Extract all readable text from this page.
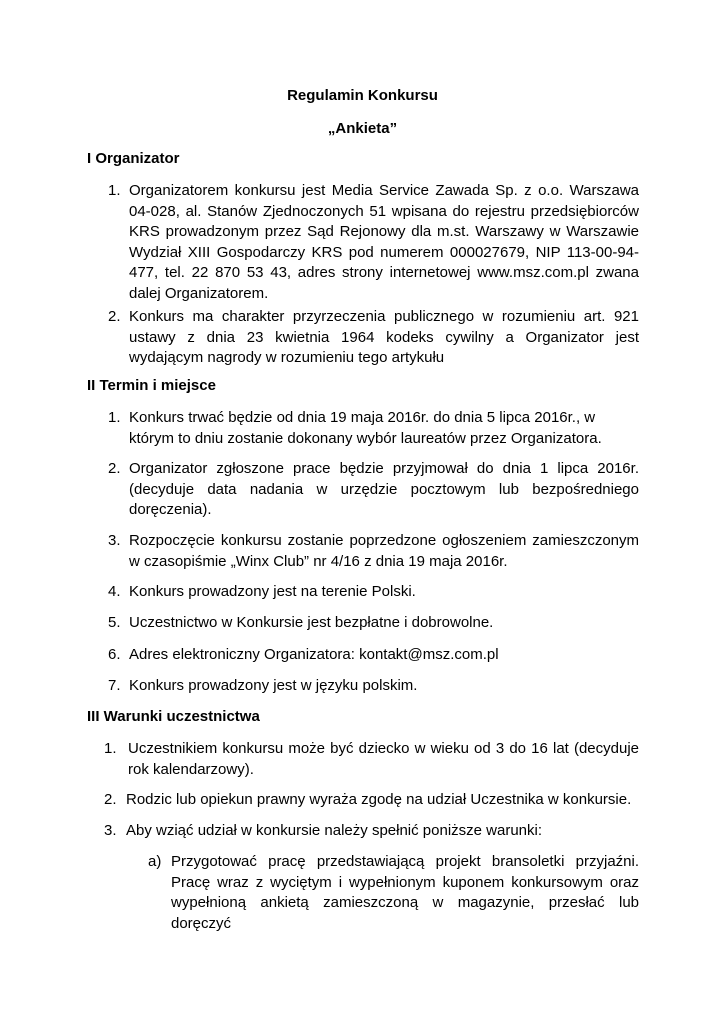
Regulamin Konkursu
„Ankieta”
I Organizator
1. Organizatorem konkursu jest Media Service Zawada Sp. z o.o. Warszawa 04-028, al. Stanów Zjednoczonych 51 wpisana do rejestru przedsiębiorców KRS prowadzonym przez Sąd Rejonowy dla m.st. Warszawy w Warszawie Wydział XIII Gospodarczy KRS pod numerem 000027679, NIP 113-00-94-477, tel. 22 870 53 43, adres strony internetowej www.msz.com.pl zwana dalej Organizatorem.
2. Konkurs ma charakter przyrzeczenia publicznego w rozumieniu art. 921 ustawy z dnia 23 kwietnia 1964 kodeks cywilny a Organizator jest wydającym nagrody w rozumieniu tego artykułu
II Termin i miejsce
1. Konkurs trwać będzie od dnia 19 maja 2016r. do dnia 5 lipca 2016r., w którym to dniu zostanie dokonany wybór laureatów przez Organizatora.
2. Organizator zgłoszone prace będzie przyjmował do dnia 1 lipca 2016r. (decyduje data nadania w urzędzie pocztowym lub bezpośredniego doręczenia).
3. Rozpoczęcie konkursu zostanie poprzedzone ogłoszeniem zamieszczonym w czasopiśmie „Winx Club” nr 4/16 z dnia 19 maja 2016r.
4. Konkurs prowadzony jest na terenie Polski.
5. Uczestnictwo w Konkursie jest bezpłatne i dobrowolne.
6. Adres elektroniczny Organizatora: kontakt@msz.com.pl
7. Konkurs prowadzony jest w języku polskim.
III Warunki uczestnictwa
1. Uczestnikiem konkursu może być dziecko w wieku od 3 do 16 lat (decyduje rok kalendarzowy).
2. Rodzic lub opiekun prawny wyraża zgodę na udział Uczestnika w konkursie.
3. Aby wziąć udział w konkursie należy spełnić poniższe warunki:
a) Przygotować pracę przedstawiającą projekt bransoletki przyjaźni. Pracę wraz z wyciętym i wypełnionym kuponem konkursowym oraz wypełnioną ankietą zamieszczoną w magazynie, przesłać lub doręczyć
